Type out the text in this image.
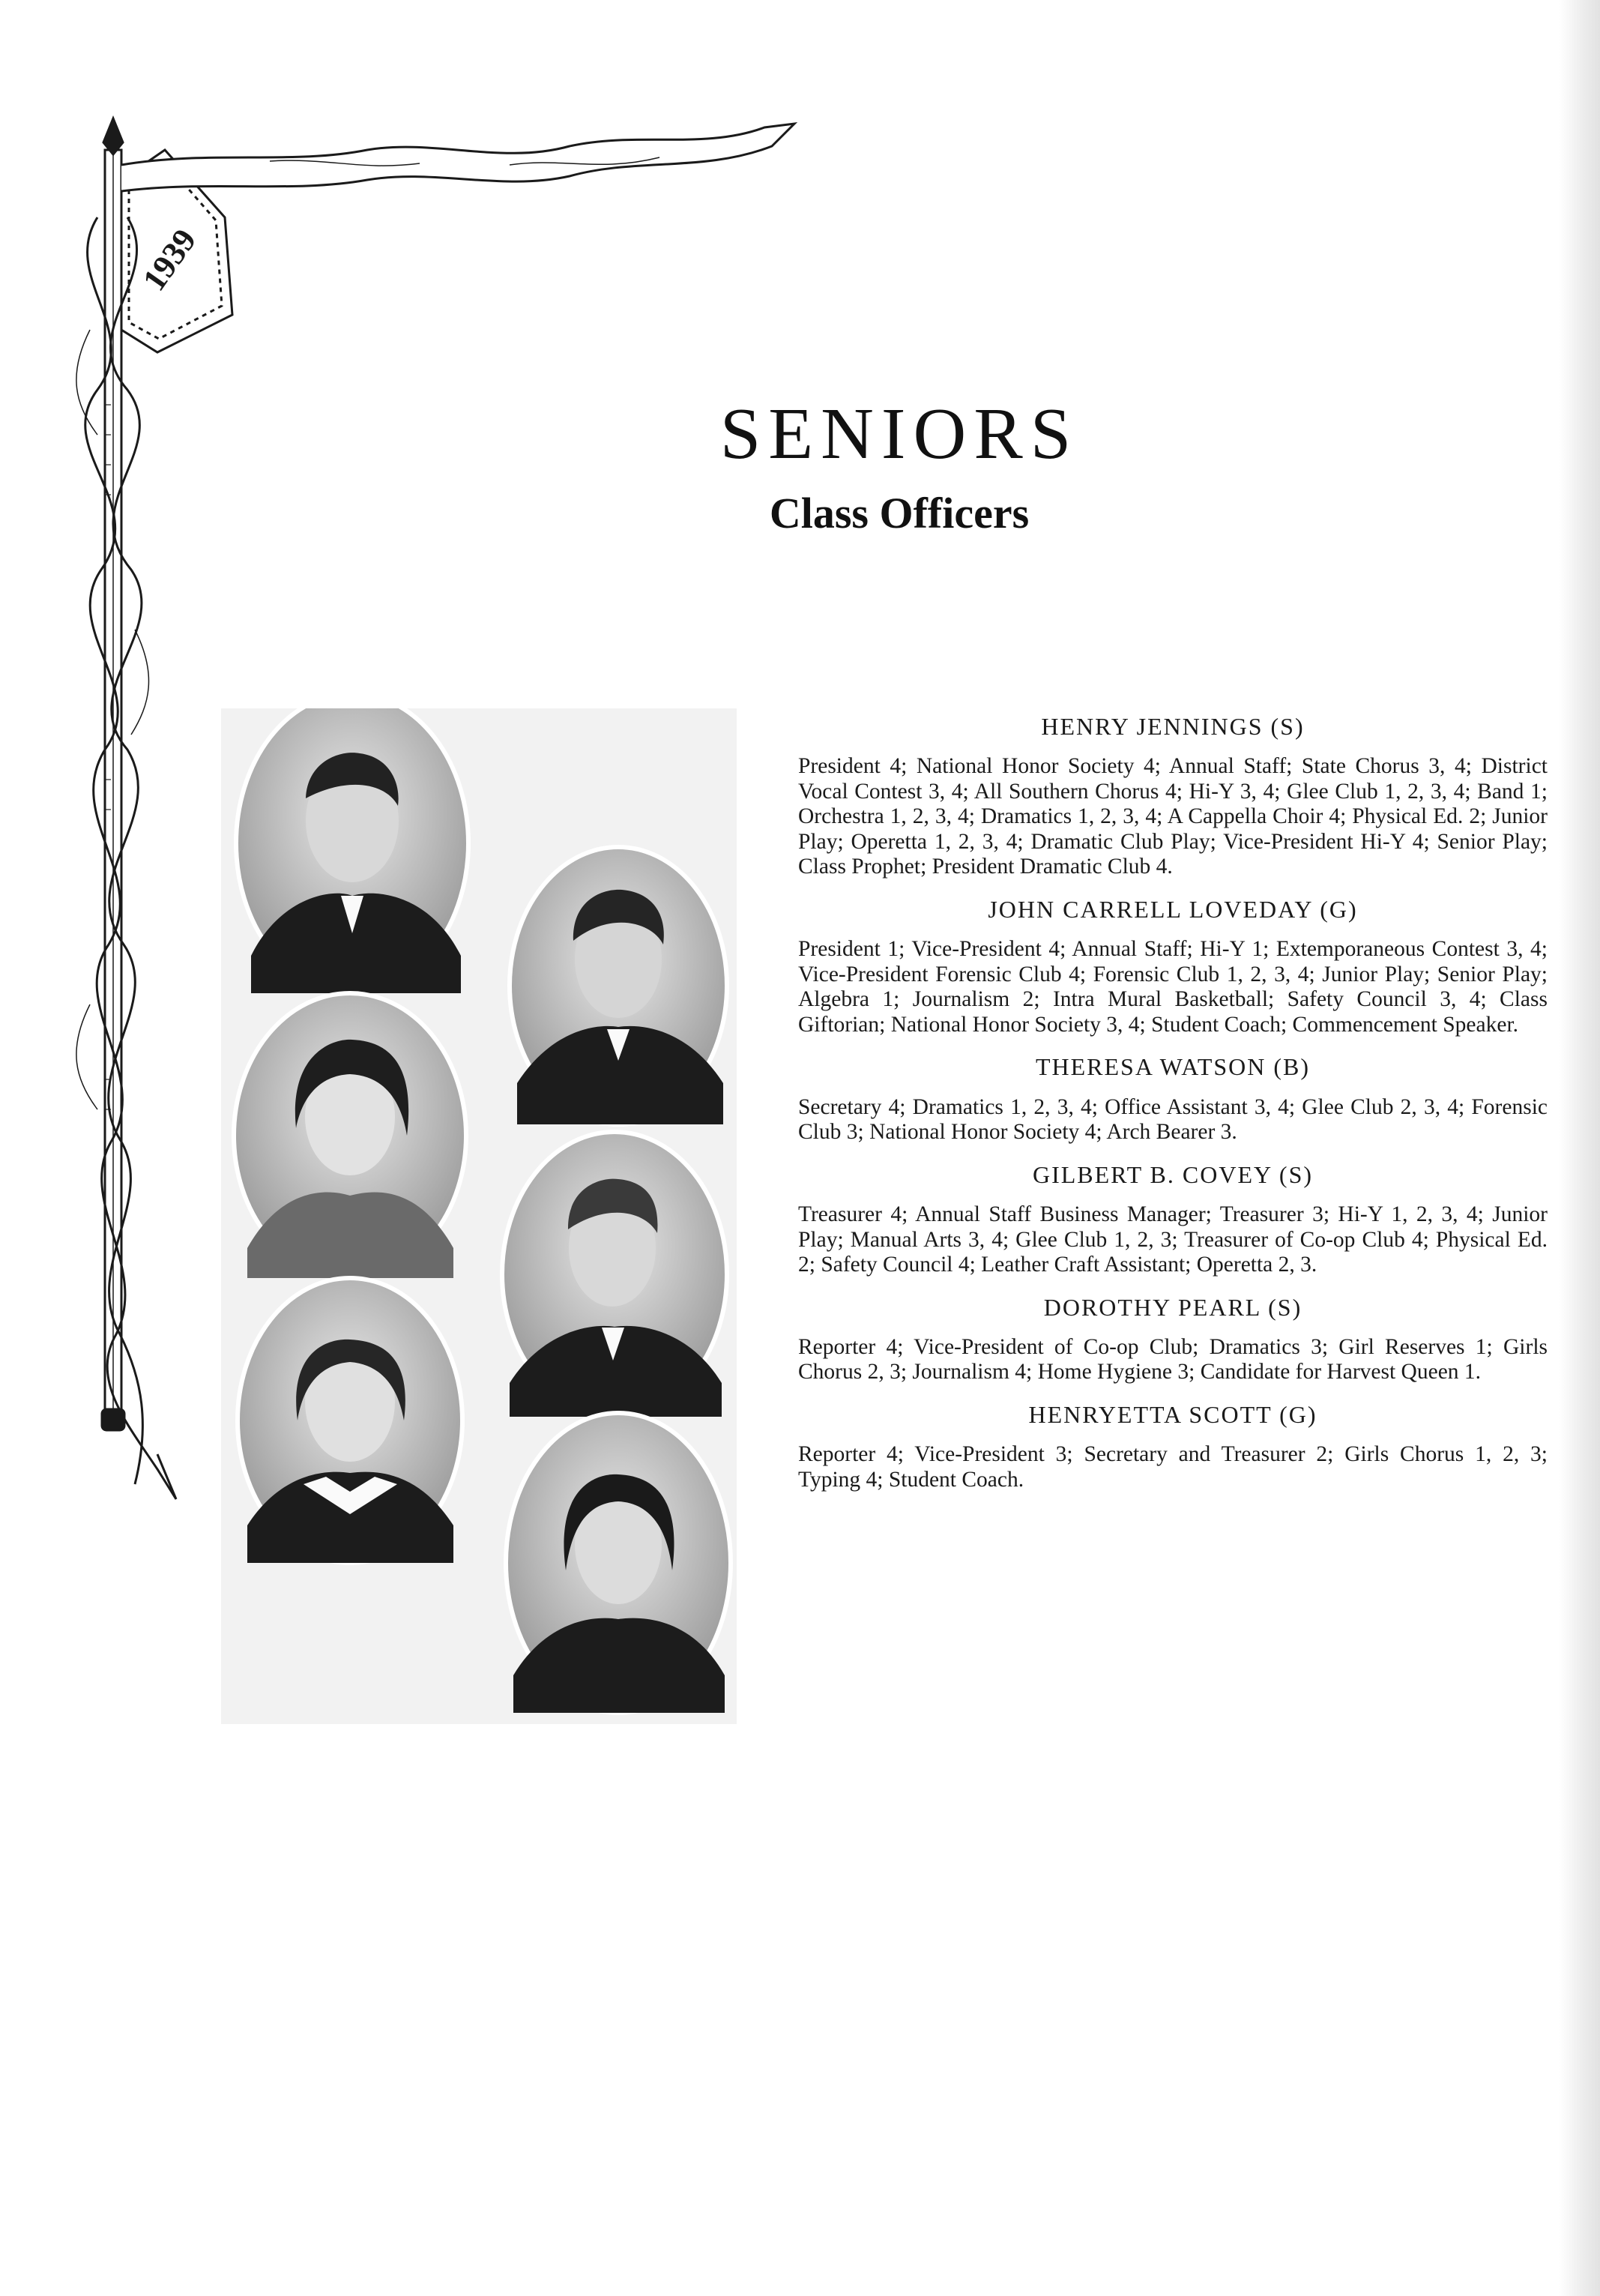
1939
SENIORS
Class Officers
HENRY JENNINGS (S)

President 4; National Honor Society 4; Annual Staff; State Chorus 3, 4; District Vocal Contest 3, 4; All Southern Chorus 4; Hi-Y 3, 4; Glee Club 1, 2, 3, 4; Band 1; Orchestra 1, 2, 3, 4; Dramatics 1, 2, 3, 4; A Cappella Choir 4; Physical Ed. 2; Junior Play; Operetta 1, 2, 3, 4; Dramatic Club Play; Vice-President Hi-Y 4; Senior Play; Class Prophet; President Dramatic Club 4.

JOHN CARRELL LOVEDAY (G)

President 1; Vice-President 4; Annual Staff; Hi-Y 1; Extemporaneous Contest 3, 4; Vice-President Forensic Club 4; Forensic Club 1, 2, 3, 4; Junior Play; Senior Play; Algebra 1; Journalism 2; Intra Mural Basketball; Safety Council 3, 4; Class Giftorian; National Honor Society 3, 4; Student Coach; Commencement Speaker.

THERESA WATSON (B)

Secretary 4; Dramatics 1, 2, 3, 4; Office Assistant 3, 4; Glee Club 2, 3, 4; Forensic Club 3; National Honor Society 4; Arch Bearer 3.

GILBERT B. COVEY (S)

Treasurer 4; Annual Staff Business Manager; Treasurer 3; Hi-Y 1, 2, 3, 4; Junior Play; Manual Arts 3, 4; Glee Club 1, 2, 3; Treasurer of Co-op Club 4; Physical Ed. 2; Safety Council 4; Leather Craft Assistant; Operetta 2, 3.

DOROTHY PEARL (S)

Reporter 4; Vice-President of Co-op Club; Dramatics 3; Girl Reserves 1; Girls Chorus 2, 3; Journalism 4; Home Hygiene 3; Candidate for Harvest Queen 1.

HENRYETTA SCOTT (G)

Reporter 4; Vice-President 3; Secretary and Treasurer 2; Girls Chorus 1, 2, 3; Typing 4; Student Coach.
